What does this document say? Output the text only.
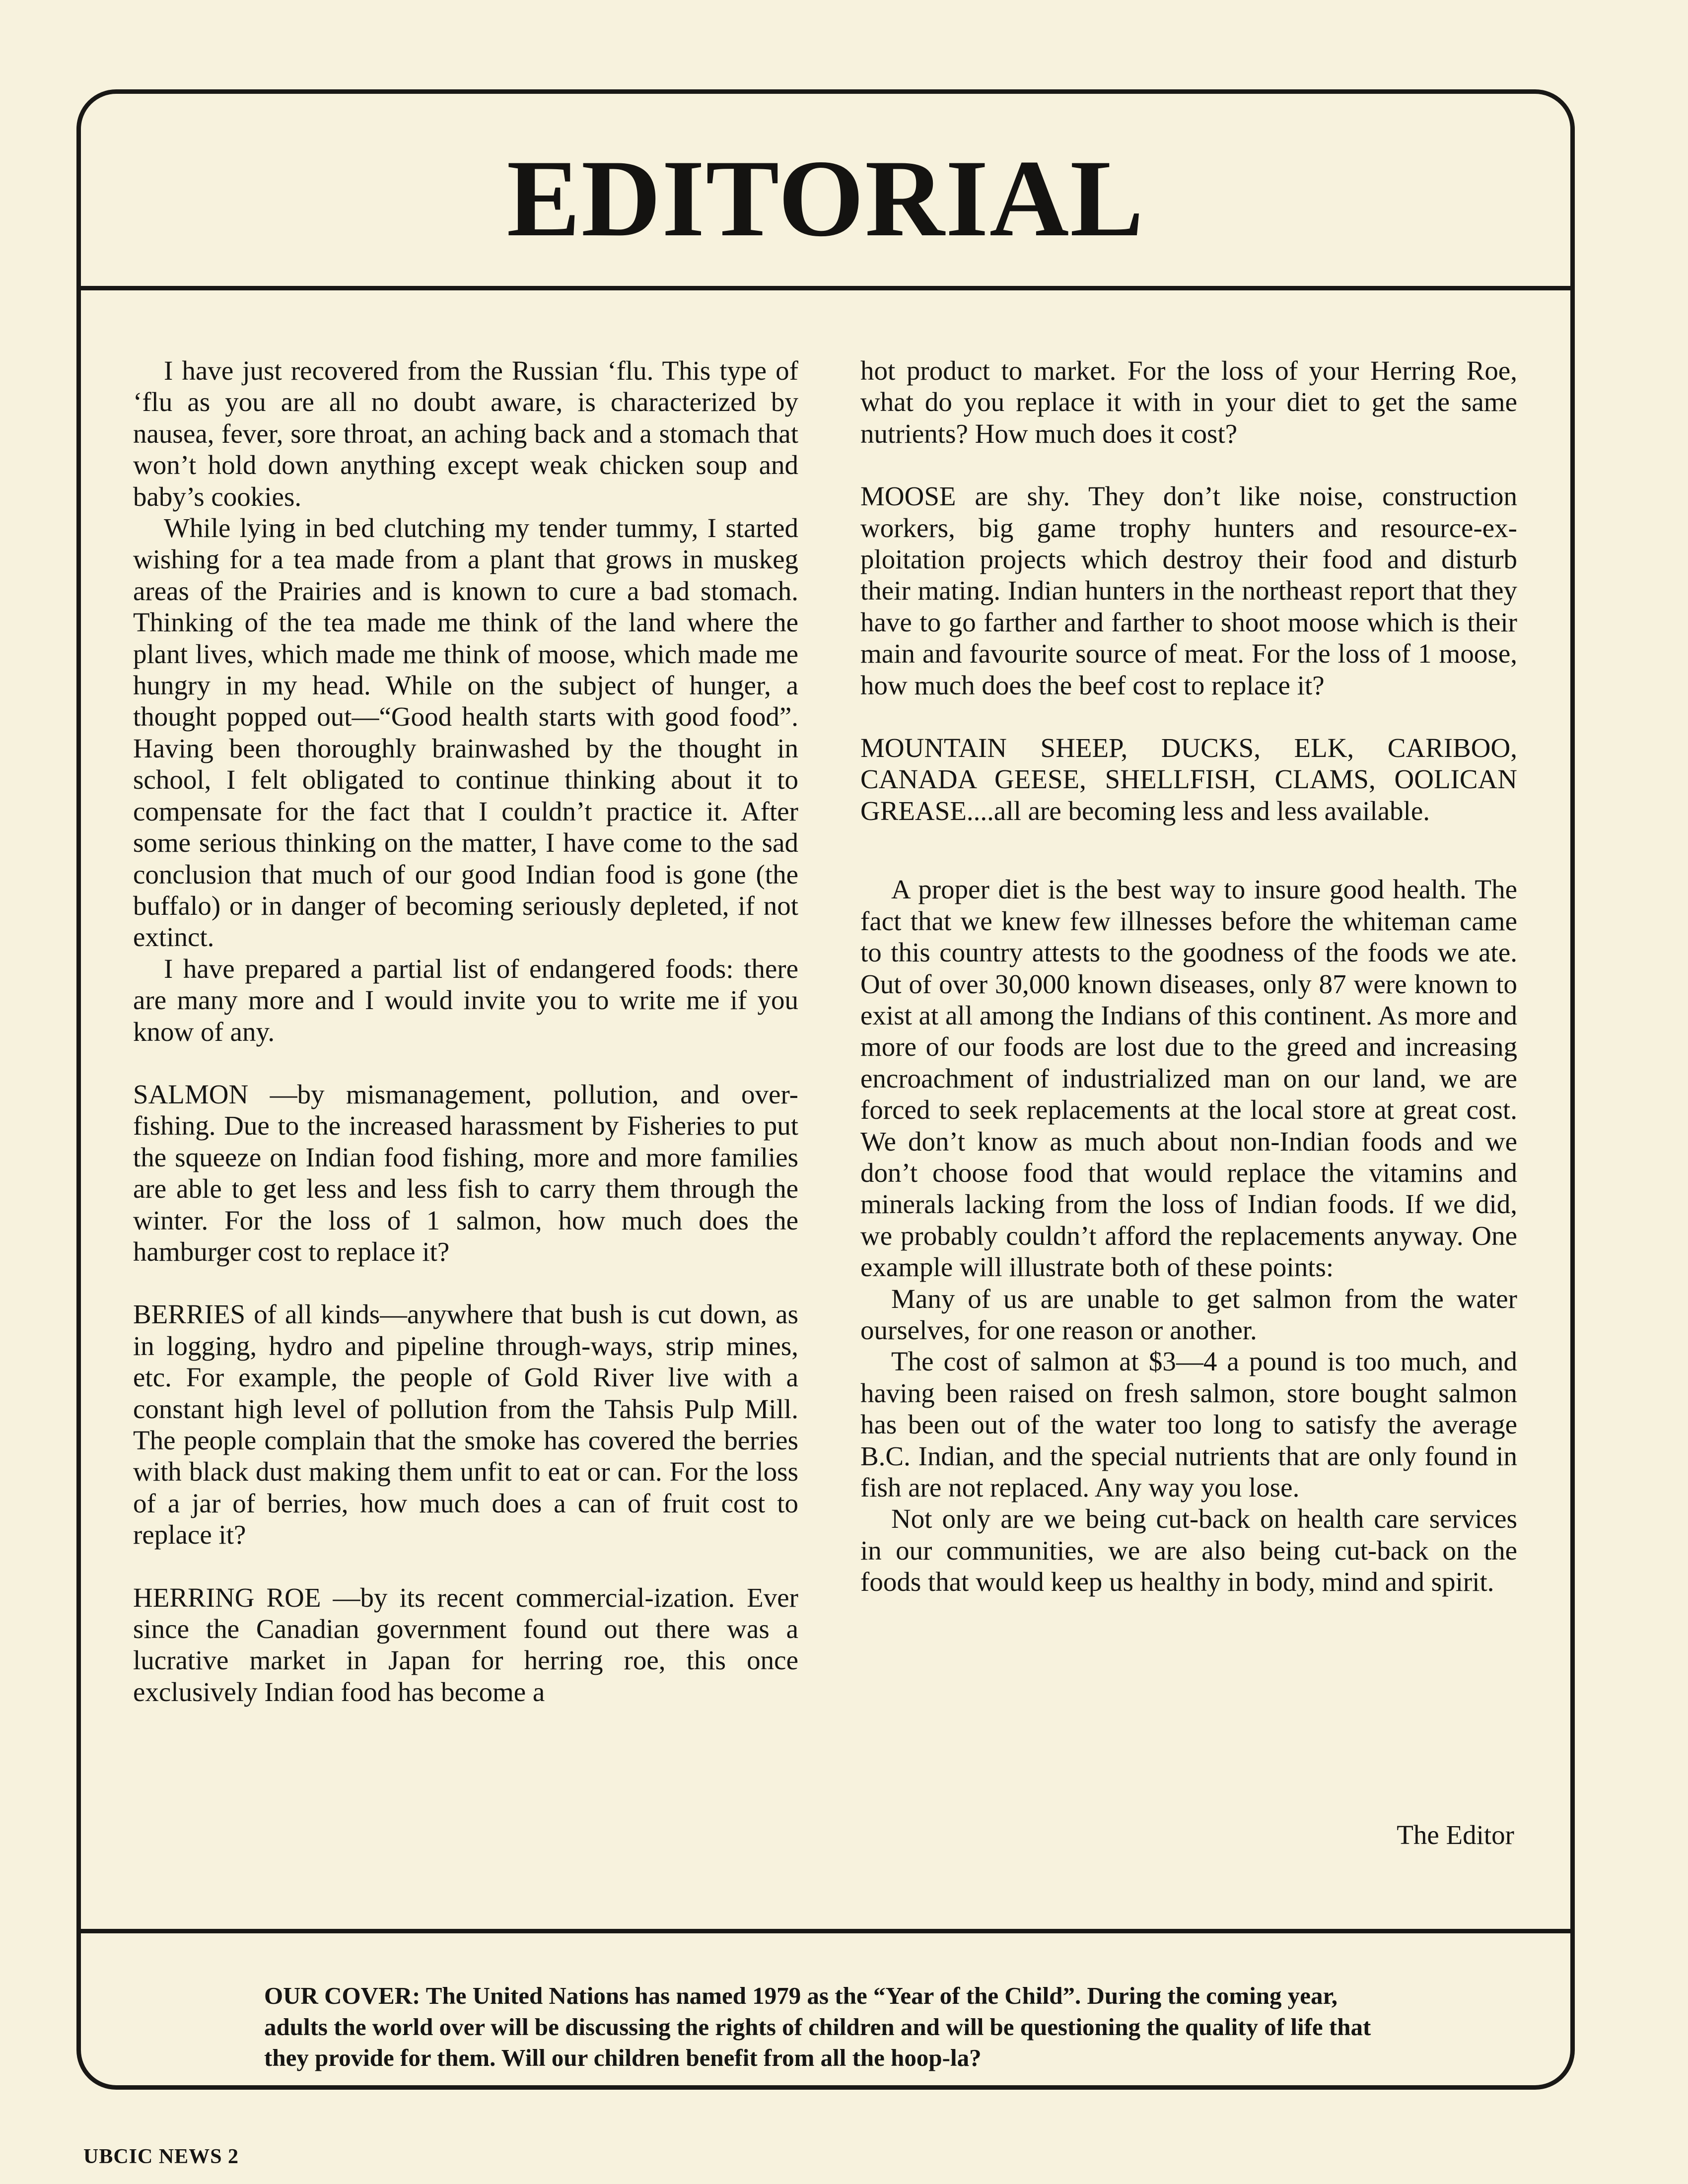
EDITORIAL

I have just recovered from the Russian ‘flu. This type of ‘flu as you are all no doubt aware, is characterized by nausea, fever, sore throat, an aching back and a stomach that won’t hold down anything except weak chicken soup and baby’s cookies.

While lying in bed clutching my tender tummy, I started wishing for a tea made from a plant that grows in muskeg areas of the Prairies and is known to cure a bad stomach. Thinking of the tea made me think of the land where the plant lives, which made me think of moose, which made me hungry in my head. While on the subject of hunger, a thought popped out—“Good health starts with good food”. Having been thoroughly brainwashed by the thought in school, I felt obligated to continue thinking about it to compensate for the fact that I couldn’t practice it. After some serious thinking on the matter, I have come to the sad conclusion that much of our good Indian food is gone (the buffalo) or in danger of becoming seriously depleted, if not extinct.

I have prepared a partial list of endangered foods: there are many more and I would invite you to write me if you know of any.

SALMON —by mismanagement, pollution, and over-fishing. Due to the increased harassment by Fisheries to put the squeeze on Indian food fishing, more and more families are able to get less and less fish to carry them through the winter. For the loss of 1 salmon, how much does the hamburger cost to replace it?

BERRIES of all kinds—anywhere that bush is cut down, as in logging, hydro and pipeline through-ways, strip mines, etc. For example, the people of Gold River live with a constant high level of pollution from the Tahsis Pulp Mill. The people complain that the smoke has covered the berries with black dust making them unfit to eat or can. For the loss of a jar of berries, how much does a can of fruit cost to replace it?

HERRING ROE —by its recent commercial-ization. Ever since the Canadian government found out there was a lucrative market in Japan for herring roe, this once exclusively Indian food has become a

hot product to market. For the loss of your Herring Roe, what do you replace it with in your diet to get the same nutrients? How much does it cost?

MOOSE are shy. They don’t like noise, construction workers, big game trophy hunters and resource-ex-ploitation projects which destroy their food and disturb their mating. Indian hunters in the northeast report that they have to go farther and farther to shoot moose which is their main and favourite source of meat. For the loss of 1 moose, how much does the beef cost to replace it?

MOUNTAIN SHEEP, DUCKS, ELK, CARIBOO, CANADA GEESE, SHELLFISH, CLAMS, OOLICAN GREASE....all are becoming less and less available.

A proper diet is the best way to insure good health. The fact that we knew few illnesses before the whiteman came to this country attests to the goodness of the foods we ate. Out of over 30,000 known diseases, only 87 were known to exist at all among the Indians of this continent. As more and more of our foods are lost due to the greed and increasing encroachment of industrialized man on our land, we are forced to seek replacements at the local store at great cost. We don’t know as much about non-Indian foods and we don’t choose food that would replace the vitamins and minerals lacking from the loss of Indian foods. If we did, we probably couldn’t afford the replacements anyway. One example will illustrate both of these points:

Many of us are unable to get salmon from the water ourselves, for one reason or another.

The cost of salmon at $3—4 a pound is too much, and having been raised on fresh salmon, store bought salmon has been out of the water too long to satisfy the average B.C. Indian, and the special nutrients that are only found in fish are not replaced. Any way you lose.

Not only are we being cut-back on health care services in our communities, we are also being cut-back on the foods that would keep us healthy in body, mind and spirit.

The Editor

OUR COVER: The United Nations has named 1979 as the “Year of the Child”. During the coming year, adults the world over will be discussing the rights of children and will be questioning the quality of life that they provide for them. Will our children benefit from all the hoop-la?

UBCIC NEWS 2
